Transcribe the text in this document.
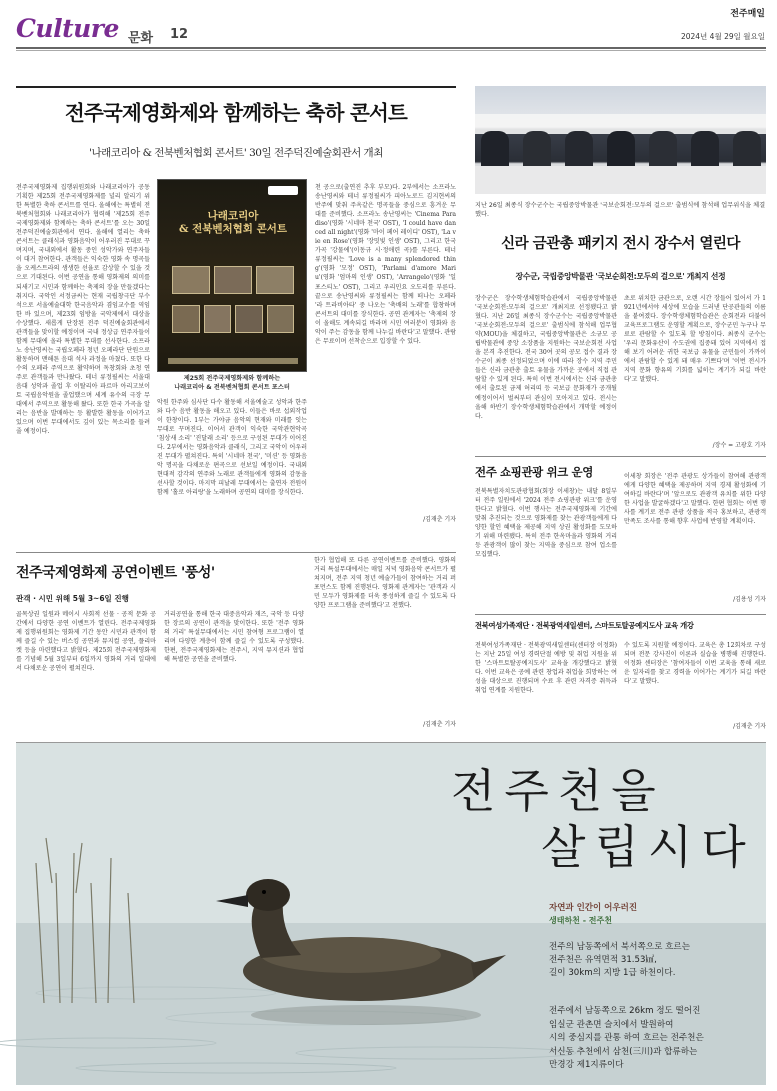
Culture 문화 12
전주매일
2024년 4월 29일 월요일
전주국제영화제와 함께하는 축하 콘서트
'나래코리아 & 전북벤처협회 콘서트' 30일 전주덕진예술회관서 개최
전주국제영화제 집행위원회와 나래코리아가 공동기획한 제25회 전주국제영화제를 널리 알리기 위한 특별한 축하 콘서트를 연다. 올해에는 특별히 전북벤처협회와 나래코리아가 협력해 '제25회 전주국제영화제와 함께하는 축하 콘서트'를 오는 30일 전주덕진예술회관에서 연다. 올해에 열리는 축하 콘서트는 클래식과 영화음악이 어우러진 무대로 꾸며지며, 국내외에서 활동 중인 성악가와 연주자들이 대거 참여한다. 관객들은 익숙한 영화 속 명곡들을 오케스트라의 생생한 선율로 감상할 수 있을 것으로 기대된다. 이번 공연을 통해 영화제의 의미를 되새기고 시민과 함께하는 축제의 장을 만들겠다는 취지다. 국악인 서정금씨는 현재 국립창극단 부수석으로 서울예술대학 한국음악과 겸임교수를 역임한 바 있으며, 제23회 임방울 국악제에서 대상을 수상했다. 새롭게 단장된 전주 덕진예술회관에서 관객들을 맞이할 예정이며 국내 정상급 연주자들이 함께 무대에 올라 특별한 무대를 선사한다. 소프라노 송난영씨는 국립오페라 청년 오페라단 단원으로 활동하며 맨해튼 음대 석사 과정을 마쳤다. 또한 다수의 오페라 주역으로 활약하며 독창회와 초청 연주로 관객들과 만나왔다. 테너 류정필씨는 서울대 음대 성악과 졸업 후 이탈리아 파르마 아리고보이토 국립음악원을 졸업했으며 세계 유수의 극장 무대에서 주역으로 활동해 왔다. 또한 한국 가곡을 알리는 음반을 발매하는 등 활발한 활동을 이어가고 있으며 이번 무대에서도 깊이 있는 목소리를 들려줄 예정이다.
나래코리아
& 전북벤처협회 콘서트
제25회 전주국제영화제와 함께하는
나래코리아 & 전북벤처협회 콘서트 포스터
악원 한주와 심사단 다수 활동해 서울예술고 성악과 한주와 다수 음반 활동을 해오고 있다. 이들은 바로 섭외작업이 한창이다. 1부는 가야금 음악의 현재와 미래를 잇는 무대로 꾸며진다. 이어서 관객이 익숙한 국악관현악곡 '침상새 소리' '진달래 소리' 등으로 구성된 무대가 이어진다. 2부에서는 영화음악과 클래식, 그리고 국악이 어우러진 무대가 펼쳐진다. 특히 '시네마 천국', '미션' 등 영화음악 명곡을 다채로운 편곡으로 선보일 예정이다. 국내외 현대적 감각의 연주와 노래로 관객들에게 영화의 감동을 선사할 것이다. 마지막 피날레 무대에서는 출연자 전원이 함께 '홀로 아리랑'을 노래하며 공연의 대미를 장식한다.
천 공으로(출연진 추후 부모)다. 2부에서는 소프라노 송난영씨와 테너 류정필씨가 피아노로드 김지현씨의 반주에 맞춰 주옥같은 명곡들을 중심으로 흥겨운 무대를 준비했다. 소프라노 송난영씨는 'Cinema Paradiso'(영화 '시네마 천국' OST), 'I could have danced all night'(영화 '마이 페어 레이디' OST), 'La vie en Rose'(영화 '장밋빛 인생' OST), 그리고 한국 가곡 '강물에'(이동규 시·정애련 곡)를 부른다. 테너 류정필씨는 'Love is a many splendored thing'(영화 '모정' OST), 'Parlami d'amore Mariu'(영화 '엄마의 인생' OST), 'Arrangelo'(영화 '일 포스티노' OST), 그리고 우리민요 오도리를 부른다. 끝으로 송난영씨와 류정필씨는 함께 떠나는 오페라 '라 트라비아타' 중 나오는 '축배의 노래'를 합창하며 콘서트의 대미를 장식한다. 공연 관계자는 '축제의 장이 올해도 계속되길 바라며 시민 여러분이 영화와 음악이 주는 감동을 함께 나누길 바란다'고 말했다. 관람은 무료이며 선착순으로 입장할 수 있다.
/김재춘 기자
지난 26일 최종식 장수군수는 국립중앙박물관 '국보순회전:모두의 걸으로' 출범식에 참석해 업무위식을 체결했다.
신라 금관총 패키지 전시 장수서 열린다
장수군, 국립중앙박물관 '국보순회전:모두의 걸으로' 개최지 선정
장수군은 장수학생체험학습관에서 국립중앙박물관 '국보순회전:모두의 걸으로' 개최지로 선정됐다고 밝혔다. 지난 26일 최종식 장수군수는 국립중앙박물관 '국보순회전:모두의 걸으로' 출범식에 참석해 업무협약(MOU)을 체결하고, 국립중앙박물관은 소규모 공립박물관에 중앙 소장품을 지원하는 국보순회전 사업을 본격 추진한다. 전국 30여 곳의 공모 접수 결과 장수군이 최종 선정되었으며 이에 따라 장수 지역 주민들은 신라 금관총 출토 유물을 가까운 곳에서 직접 관람할 수 있게 된다. 특히 이번 전시에서는 신라 금관총에서 출토된 금제 허리띠 등 국보급 문화재가 공개될 예정이어서 벌써부터 관심이 모아지고 있다. 전시는 올해 하반기 장수학생체험학습관에서 개막할 예정이다.
초로 위치한 금관으로, 오랜 시간 장들어 있어서 가 1921년에서야 세상에 모습을 드러낸 단공관들의 이름을 붙여졌다. 장수학생체험학습관은 순회전과 더불어 교육프로그램도 운영할 계획으로, 장수군민 누구나 무료로 관람할 수 있도록 할 방침이다. 최종식 군수는 '우리 문화유산이 수도권에 집중돼 있어 지역에서 접해 보기 어려운 귀한 국보급 유물을 군민들이 가까이에서 관람할 수 있게 돼 매우 기쁘다'며 '이번 전시가 지역 문화 향유의 기회를 넓히는 계기가 되길 바란다'고 말했다.
/장수 = 고광호 기자
전주 쇼핑관광 위크 운영
전북특별자치도관광협회(회장 이세창)는 내달 8일부터 전주 일원에서 '2024 전주 쇼핑관광 위크'를 운영한다고 밝혔다. 이번 행사는 전주국제영화제 기간에 맞춰 추진되는 것으로 영화제를 찾는 관광객들에게 다양한 할인 혜택을 제공해 지역 상권 활성화를 도모하기 위해 마련됐다. 특히 전주 한옥마을과 영화의 거리 등 관광객이 많이 찾는 지역을 중심으로 참여 업소를 모집했다.
이세창 회장은 '전주 관광도 상가들이 참여해 관광객에게 다양한 혜택을 제공하며 지역 경제 활성화에 기여하길 바란다'며 '앞으로도 관광객 유치를 위한 다양한 사업을 발굴하겠다'고 말했다. 한편 협회는 이번 행사를 계기로 전주 관광 상품을 적극 홍보하고, 관광객 만족도 조사를 통해 향후 사업에 반영할 계획이다.
/김용성 기자
전주국제영화제 공연이벤트 '풍성'
관객 · 시민 위해 5월 3~6일 진행
골목상권 일원과 메이시 사회적 선물 · 공적 문화 공간에서 다양한 공연 이벤트가 열린다. 전주국제영화제 집행위원회는 영화제 기간 동안 시민과 관객이 함께 즐길 수 있는 버스킹 공연과 뮤지컬 공연, 플리마켓 등을 마련했다고 밝혔다. 제25회 전주국제영화제를 기념해 5월 3일부터 6일까지 영화의 거리 일대에서 다채로운 공연이 펼쳐진다.
거리공연을 통해 한국 대중음악과 재즈, 국악 등 다양한 장르의 공연이 관객을 맞이한다. 또한 '전주 영화의 거리' 특설무대에서는 시민 참여형 프로그램이 열리며 다양한 계층이 함께 즐길 수 있도록 구성했다. 한편, 전주국제영화제는 전주시, 지역 뮤지션과 협업해 특별한 공연을 준비했다.
한가 협업해 또 다른 공연이벤트를 준비했다. 영화의 거리 특설무대에서는 매일 저녁 영화음악 콘서트가 펼쳐지며, 전주 지역 청년 예술가들이 참여하는 거리 퍼포먼스도 함께 진행된다. 영화제 관계자는 '관객과 시민 모두가 영화제를 더욱 풍성하게 즐길 수 있도록 다양한 프로그램을 준비했다'고 전했다.
/김재춘 기자
전북여성가족재단 · 전북광역새일센터, 스마트토탈공예지도사 교육 개강
전북여성가족재단 · 전북광역새일센터(센터장 이정화)는 지난 25일 여성 경력단절 예방 및 취업 지원을 위한 '스마트토탈공예지도사' 교육을 개강했다고 밝혔다. 이번 교육은 공예 관련 창업과 취업을 희망하는 여성을 대상으로 진행되며 수료 후 관련 자격증 취득과 취업 연계를 지원한다.
수 있도록 지원할 예정이다. 교육은 총 12회차로 구성되며 전문 강사진이 이론과 실습을 병행해 진행한다. 이정화 센터장은 '참여자들이 이번 교육을 통해 새로운 일자리를 찾고 경력을 이어가는 계기가 되길 바란다'고 말했다.
/김재춘 기자
전주천을
살립시다
자연과 인간이 어우러진
생태하천 - 전주천
전주의 남동쪽에서 북서쪽으로 흐르는
전주천은 유역면적 31.53㎢,
길이 30km의 지방 1급 하천이다.
전주에서 남동쪽으로 26km 정도 떨어진
임실군 관촌면 슬치에서 발원하여
시의 중심지를 관통 하여 흐르는 전주천은
서신동 추천에서 삼천(三川)과 합류하는
만경강 제1지류이다
